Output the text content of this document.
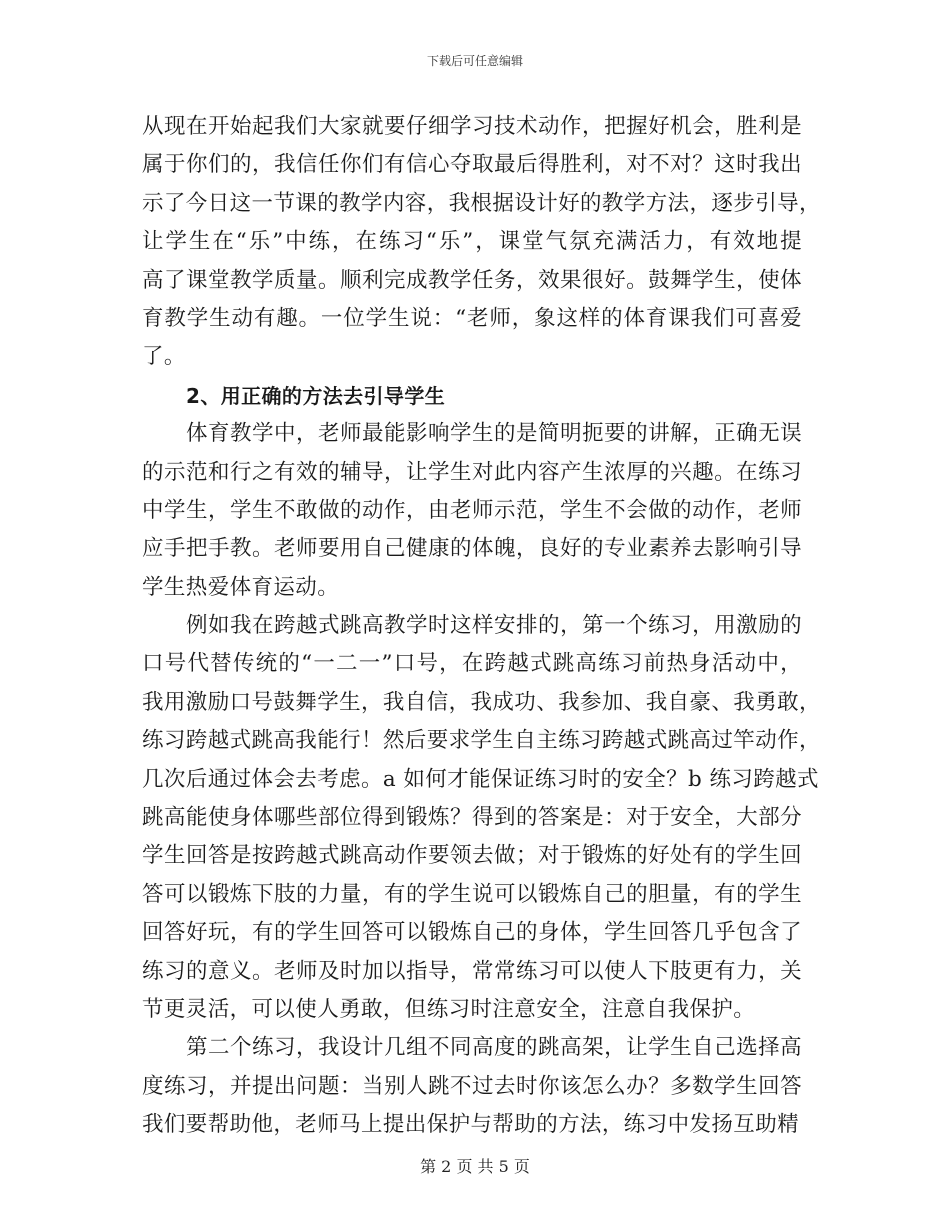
下载后可任意编辑
从现在开始起我们大家就要仔细学习技术动作，把握好机会，胜利是
属于你们的，我信任你们有信心夺取最后得胜利，对不对？这时我出
示了今日这一节课的教学内容，我根据设计好的教学方法，逐步引导，
让学生在“乐”中练，在练习“乐”，课堂气氛充满活力，有效地提
高了课堂教学质量。顺利完成教学任务，效果很好。鼓舞学生，使体
育教学生动有趣。一位学生说：“老师，象这样的体育课我们可喜爱
了。
2、用正确的方法去引导学生
体育教学中，老师最能影响学生的是简明扼要的讲解，正确无误
的示范和行之有效的辅导，让学生对此内容产生浓厚的兴趣。在练习
中学生，学生不敢做的动作，由老师示范，学生不会做的动作，老师
应手把手教。老师要用自己健康的体魄，良好的专业素养去影响引导
学生热爱体育运动。
例如我在跨越式跳高教学时这样安排的，第一个练习，用激励的
口号代替传统的“一二一”口号，在跨越式跳高练习前热身活动中，
我用激励口号鼓舞学生，我自信，我成功、我参加、我自豪、我勇敢，
练习跨越式跳高我能行！然后要求学生自主练习跨越式跳高过竿动作，
几次后通过体会去考虑。a 如何才能保证练习时的安全？b 练习跨越式
跳高能使身体哪些部位得到锻炼？得到的答案是：对于安全，大部分
学生回答是按跨越式跳高动作要领去做；对于锻炼的好处有的学生回
答可以锻炼下肢的力量，有的学生说可以锻炼自己的胆量，有的学生
回答好玩，有的学生回答可以锻炼自己的身体，学生回答几乎包含了
练习的意义。老师及时加以指导，常常练习可以使人下肢更有力，关
节更灵活，可以使人勇敢，但练习时注意安全，注意自我保护。
第二个练习，我设计几组不同高度的跳高架，让学生自己选择高
度练习，并提出问题：当别人跳不过去时你该怎么办？多数学生回答
我们要帮助他，老师马上提出保护与帮助的方法，练习中发扬互助精
第 2 页 共 5 页
